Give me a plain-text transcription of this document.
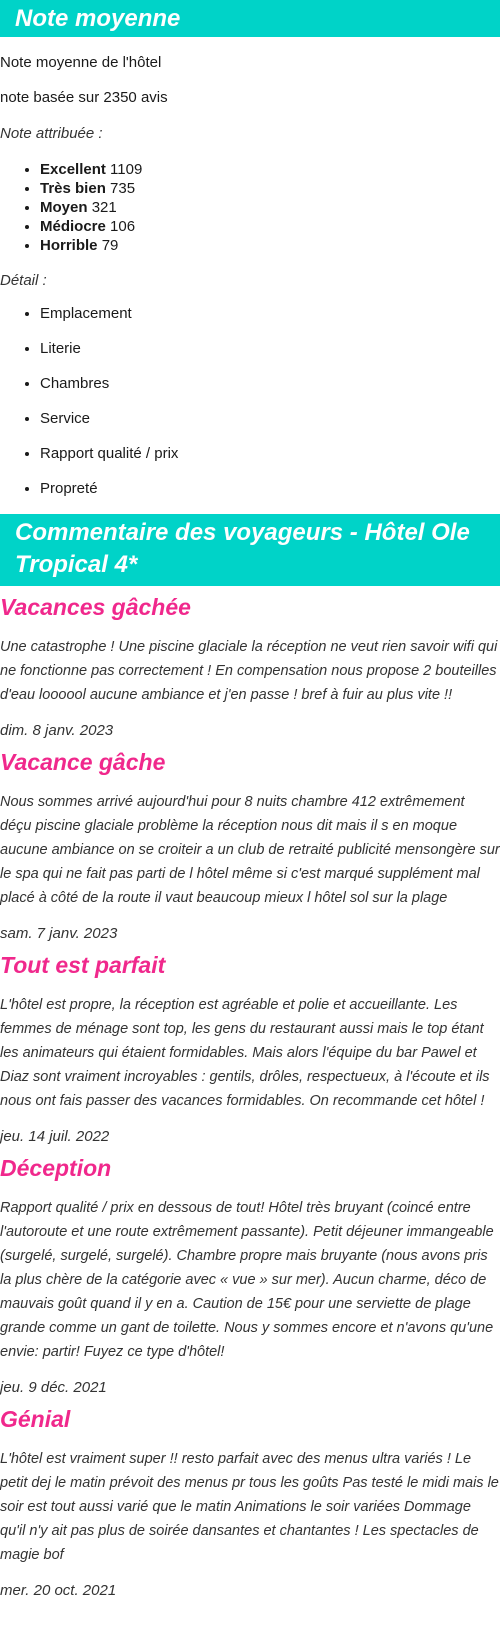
Note moyenne

Note moyenne de l'hôtel

note basée sur 2350 avis

Note attribuée :

• Excellent 1109
• Très bien 735
• Moyen 321
• Médiocre 106
• Horrible 79

Détail :

• Emplacement
• Literie
• Chambres
• Service
• Rapport qualité / prix
• Propreté
Commentaire des voyageurs - Hôtel Ole Tropical 4*
Vacances gâchée

Une catastrophe ! Une piscine glaciale la réception ne veut rien savoir wifi qui ne fonctionne pas correctement ! En compensation nous propose 2 bouteilles d'eau loooool aucune ambiance et j'en passe ! bref à fuir au plus vite !!

dim. 8 janv. 2023

Vacance gâche

Nous sommes arrivé aujourd'hui pour 8 nuits chambre 412 extrêmement déçu piscine glaciale problème la réception nous dit mais il s en moque aucune ambiance on se croiteir a un club de retraité publicité mensongère sur le spa qui ne fait pas parti de l hôtel même si c'est marqué supplément mal placé à côté de la route il vaut beaucoup mieux l hôtel sol sur la plage

sam. 7 janv. 2023

Tout est parfait

L'hôtel est propre, la réception est agréable et polie et accueillante. Les femmes de ménage sont top, les gens du restaurant aussi mais le top étant les animateurs qui étaient formidables. Mais alors l'équipe du bar Pawel et Diaz sont vraiment incroyables : gentils, drôles, respectueux, à l'écoute et ils nous ont fais passer des vacances formidables. On recommande cet hôtel !

jeu. 14 juil. 2022

Déception

Rapport qualité / prix en dessous de tout! Hôtel très bruyant (coincé entre l'autoroute et une route extrêmement passante). Petit déjeuner immangeable (surgelé, surgelé, surgelé). Chambre propre mais bruyante (nous avons pris la plus chère de la catégorie avec « vue » sur mer). Aucun charme, déco de mauvais goût quand il y en a. Caution de 15€ pour une serviette de plage grande comme un gant de toilette. Nous y sommes encore et n'avons qu'une envie: partir! Fuyez ce type d'hôtel!

jeu. 9 déc. 2021

Génial

L'hôtel est vraiment super !! resto parfait avec des menus ultra variés ! Le petit dej le matin prévoit des menus pr tous les goûts Pas testé le midi mais le soir est tout aussi varié que le matin Animations le soir variées Dommage qu'il n'y ait pas plus de soirée dansantes et chantantes ! Les spectacles de magie bof

mer. 20 oct. 2021
